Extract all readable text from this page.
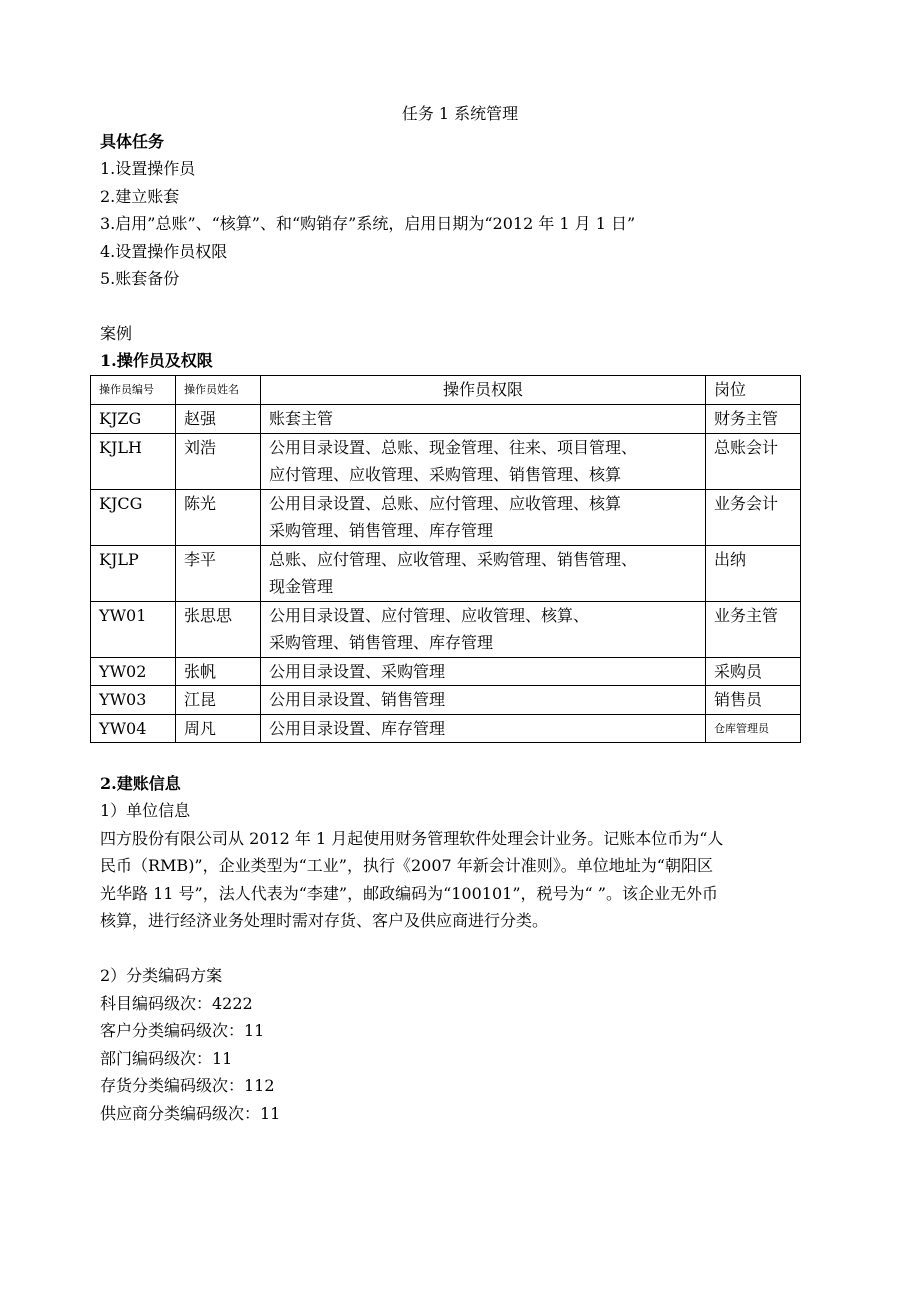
任务 1 系统管理
具体任务
1.设置操作员
2.建立账套
3.启用”总账”、“核算”、和“购销存”系统，启用日期为“2012 年 1 月 1 日”
4.设置操作员权限
5.账套备份
案例
1.操作员及权限
操作员编号	操作员姓名	操作员权限	岗位
KJZG	赵强	账套主管	财务主管
KJLH	刘浩	公用目录设置、总账、现金管理、往来、项目管理、
应付管理、应收管理、采购管理、销售管理、核算	总账会计
KJCG	陈光	公用目录设置、总账、应付管理、应收管理、核算
采购管理、销售管理、库存管理	业务会计
KJLP	李平	总账、应付管理、应收管理、采购管理、销售管理、
现金管理	出纳
YW01	张思思	公用目录设置、应付管理、应收管理、核算、
采购管理、销售管理、库存管理	业务主管
YW02	张帆	公用目录设置、采购管理	采购员
YW03	江昆	公用目录设置、销售管理	销售员
YW04	周凡	公用目录设置、库存管理	仓库管理员
2.建账信息
1）单位信息
四方股份有限公司从 2012 年 1 月起使用财务管理软件处理会计业务。记账本位币为“人
民币（RMB)”，企业类型为“工业”，执行《2007 年新会计准则》。单位地址为“朝阳区
光华路 11 号”，法人代表为“李建”，邮政编码为“100101”，税号为“ ”。该企业无外币
核算，进行经济业务处理时需对存货、客户及供应商进行分类。
2）分类编码方案
科目编码级次：4222
客户分类编码级次：11
部门编码级次：11
存货分类编码级次：112
供应商分类编码级次：11
